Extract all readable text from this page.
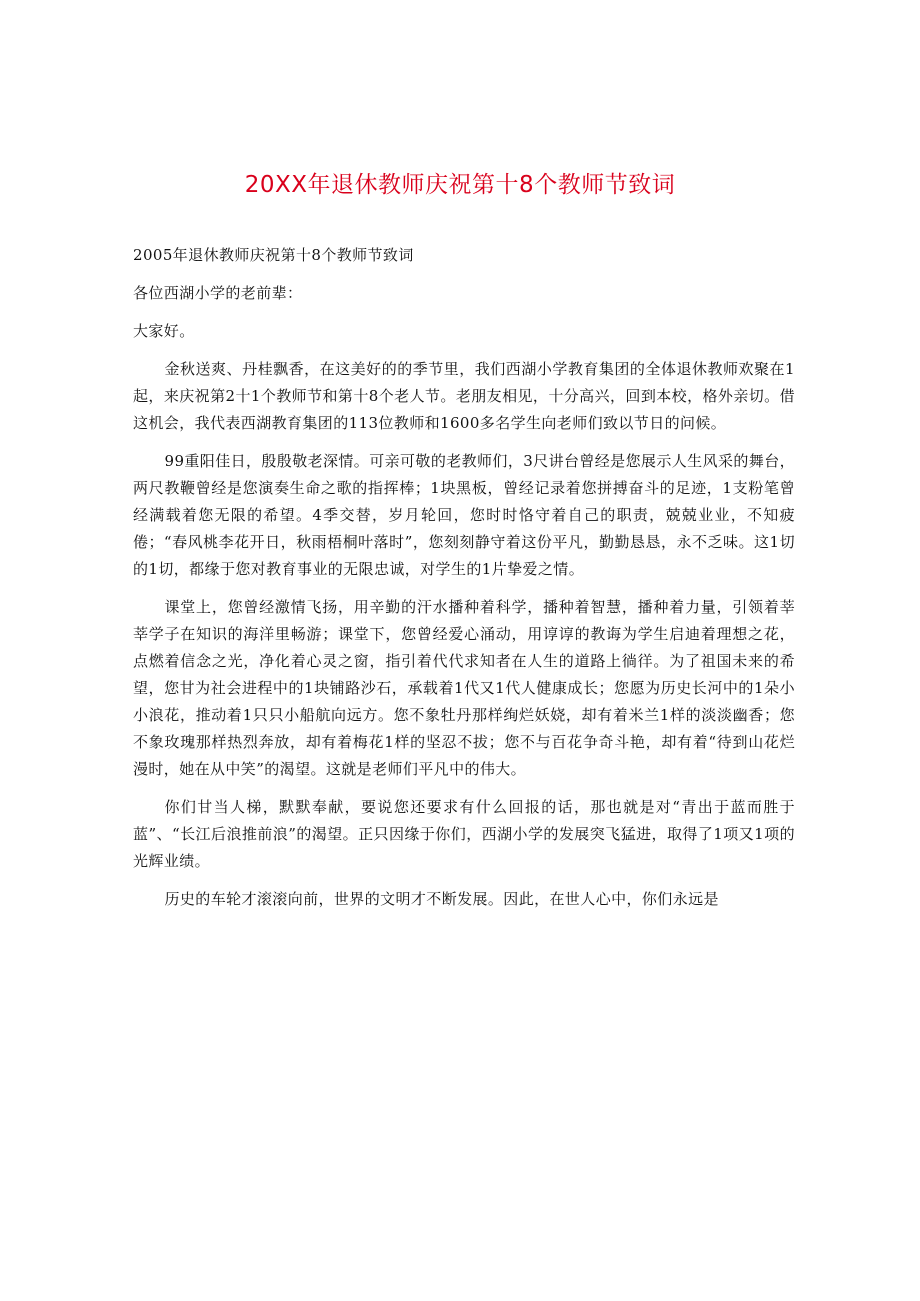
20XX年退休教师庆祝第十8个教师节致词
2005年退休教师庆祝第十8个教师节致词
各位西湖小学的老前辈：
大家好。
金秋送爽、丹桂飘香，在这美好的的季节里，我们西湖小学教育集团的全体退休教师欢聚在1起，来庆祝第2十1个教师节和第十8个老人节。老朋友相见，十分高兴，回到本校，格外亲切。借这机会，我代表西湖教育集团的113位教师和1600多名学生向老师们致以节日的问候。
99重阳佳日，殷殷敬老深情。可亲可敬的老教师们，3尺讲台曾经是您展示人生风采的舞台，两尺教鞭曾经是您演奏生命之歌的指挥棒；1块黑板，曾经记录着您拼搏奋斗的足迹，1支粉笔曾经满载着您无限的希望。4季交替，岁月轮回，您时时恪守着自己的职责，兢兢业业，不知疲倦；“春风桃李花开日，秋雨梧桐叶落时”，您刻刻静守着这份平凡，勤勤恳恳，永不乏味。这1切的1切，都缘于您对教育事业的无限忠诚，对学生的1片挚爱之情。
课堂上，您曾经激情飞扬，用辛勤的汗水播种着科学，播种着智慧，播种着力量，引领着莘莘学子在知识的海洋里畅游；课堂下，您曾经爱心涌动，用谆谆的教诲为学生启迪着理想之花，点燃着信念之光，净化着心灵之窗，指引着代代求知者在人生的道路上徜徉。为了祖国未来的希望，您甘为社会进程中的1块铺路沙石，承载着1代又1代人健康成长；您愿为历史长河中的1朵小小浪花，推动着1只只小船航向远方。您不象牡丹那样绚烂妖娆，却有着米兰1样的淡淡幽香；您不象玫瑰那样热烈奔放，却有着梅花1样的坚忍不拔；您不与百花争奇斗艳，却有着“待到山花烂漫时，她在从中笑”的渴望。这就是老师们平凡中的伟大。
你们甘当人梯，默默奉献，要说您还要求有什么回报的话，那也就是对“青出于蓝而胜于蓝”、“长江后浪推前浪”的渴望。正只因缘于你们，西湖小学的发展突飞猛进，取得了1项又1项的光辉业绩。
历史的车轮才滚滚向前，世界的文明才不断发展。因此，在世人心中，你们永远是
